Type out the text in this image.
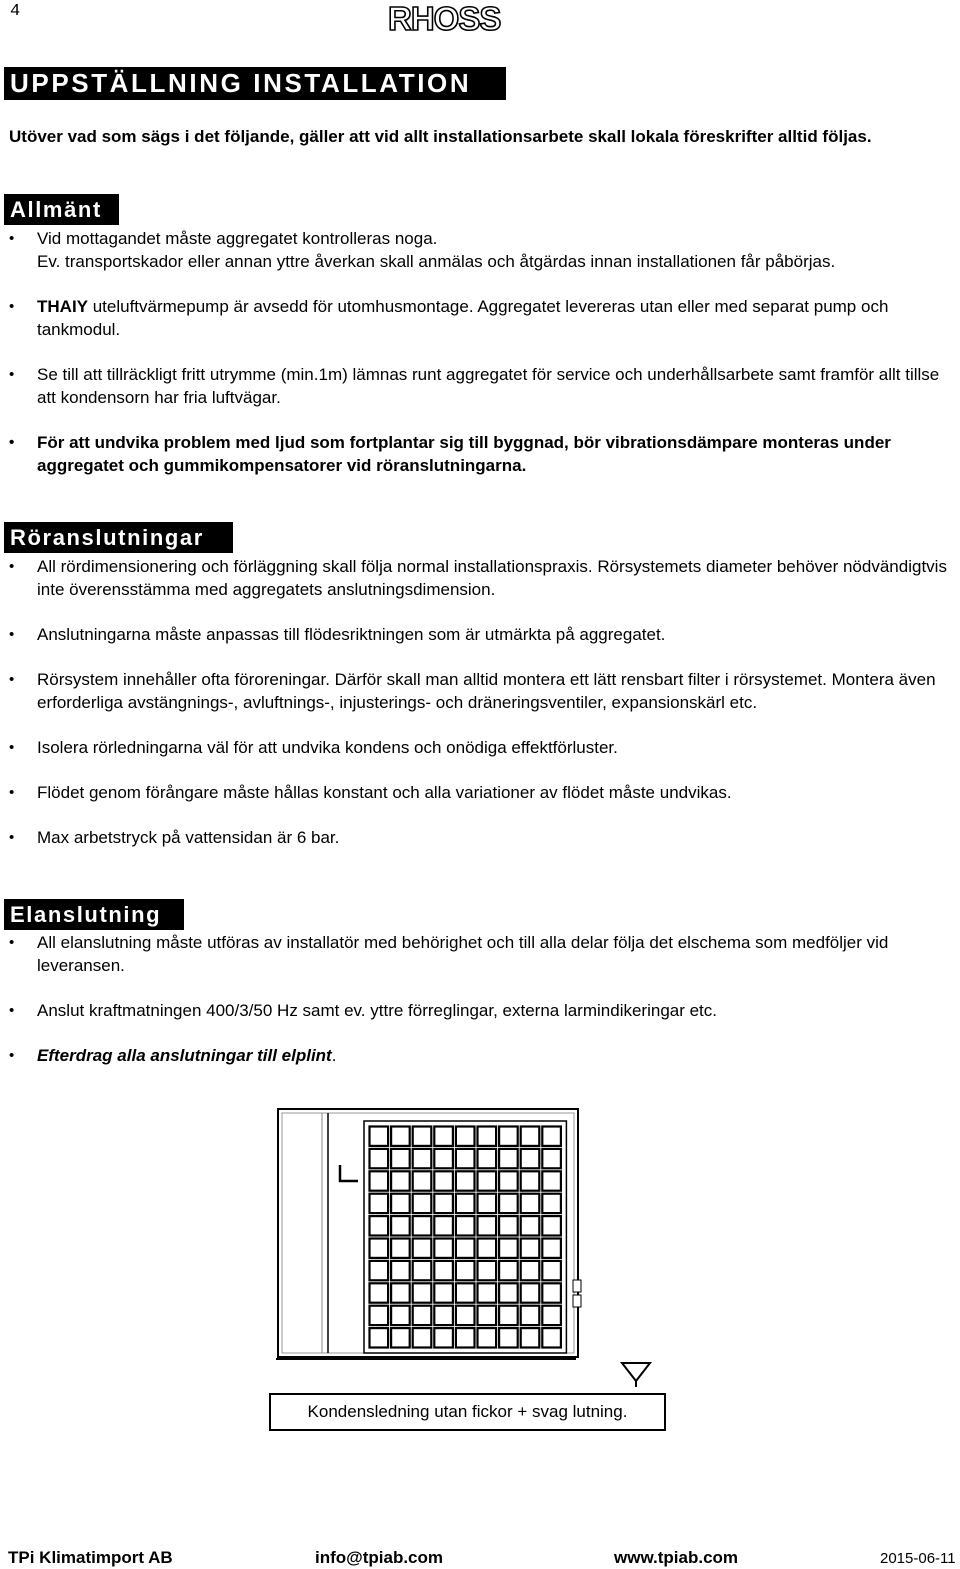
4	RHOSS
UPPSTÄLLNING INSTALLATION
Utöver vad som sägs i det följande, gäller att vid allt installationsarbete skall lokala föreskrifter alltid följas.
Allmänt
• Vid mottagandet måste aggregatet kontrolleras noga.
Ev. transportskador eller annan yttre åverkan skall anmälas och åtgärdas innan installationen får påbörjas.
• THAIY uteluftvärmepump är avsedd för utomhusmontage. Aggregatet levereras utan eller med separat pump och tankmodul.
• Se till att tillräckligt fritt utrymme (min.1m) lämnas runt aggregatet för service och underhållsarbete samt framför allt tillse att kondensorn har fria luftvägar.
• För att undvika problem med ljud som fortplantar sig till byggnad, bör vibrationsdämpare monteras under aggregatet och gummikompensatorer vid röranslutningarna.
Röranslutningar
• All rördimensionering och förläggning skall följa normal installationspraxis. Rörsystemets diameter behöver nödvändigtvis inte överensstämma med aggregatets anslutningsdimension.
• Anslutningarna måste anpassas till flödesriktningen som är utmärkta på aggregatet.
• Rörsystem innehåller ofta föroreningar. Därför skall man alltid montera ett lätt rensbart filter i rörsystemet. Montera även erforderliga avstängnings-, avluftnings-, injusterings- och dräneringsventiler, expansionskärl etc.
• Isolera rörledningarna väl för att undvika kondens och onödiga effektförluster.
• Flödet genom förångare måste hållas konstant och alla variationer av flödet måste undvikas.
• Max arbetstryck på vattensidan är 6 bar.
Elanslutning
• All elanslutning måste utföras av installatör med behörighet och till alla delar följa det elschema som medföljer vid leveransen.
• Anslut kraftmatningen 400/3/50 Hz samt ev. yttre förreglingar, externa larmindikeringar etc.
• Efterdrag alla anslutningar till elplint.
Kondensledning utan fickor + svag lutning.
TPi Klimatimport AB	info@tpiab.com	www.tpiab.com	2015-06-11
